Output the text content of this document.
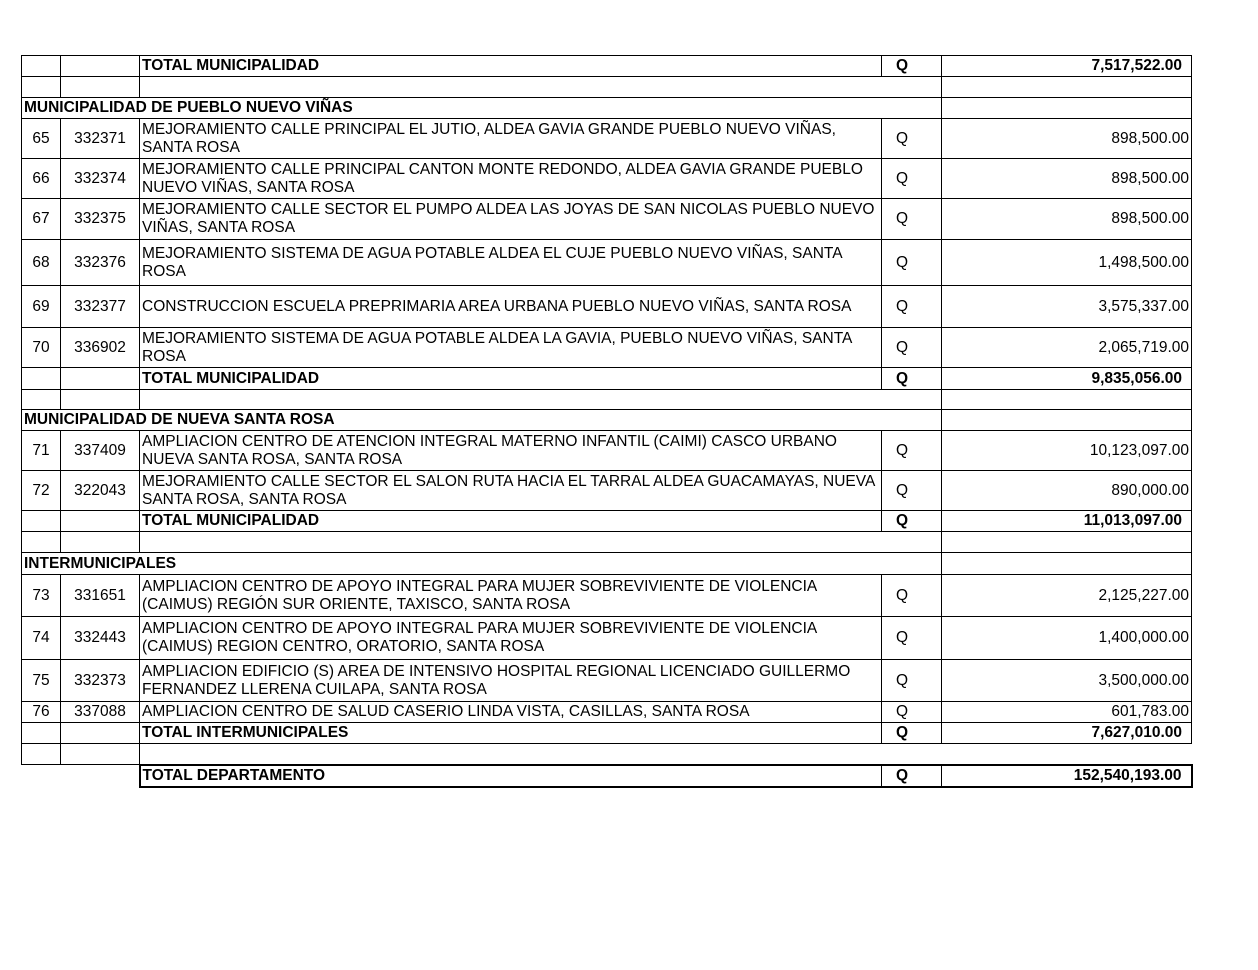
		TOTAL MUNICIPALIDAD	Q	7,517,522.00

MUNICIPALIDAD DE PUEBLO NUEVO VIÑAS				
65	332371	MEJORAMIENTO CALLE PRINCIPAL EL JUTIO, ALDEA GAVIA GRANDE PUEBLO NUEVO VIÑAS, SANTA ROSA	Q	898,500.00
66	332374	MEJORAMIENTO CALLE PRINCIPAL CANTON MONTE REDONDO, ALDEA GAVIA GRANDE PUEBLO NUEVO VIÑAS, SANTA ROSA	Q	898,500.00
67	332375	MEJORAMIENTO CALLE SECTOR EL PUMPO ALDEA LAS JOYAS DE SAN NICOLAS PUEBLO NUEVO VIÑAS, SANTA ROSA	Q	898,500.00
68	332376	MEJORAMIENTO SISTEMA DE AGUA POTABLE ALDEA EL CUJE PUEBLO NUEVO VIÑAS, SANTA ROSA	Q	1,498,500.00
69	332377	CONSTRUCCION ESCUELA PREPRIMARIA AREA URBANA PUEBLO NUEVO VIÑAS, SANTA ROSA	Q	3,575,337.00
70	336902	MEJORAMIENTO SISTEMA DE AGUA POTABLE ALDEA LA GAVIA, PUEBLO NUEVO VIÑAS, SANTA ROSA	Q	2,065,719.00
		TOTAL MUNICIPALIDAD	Q	9,835,056.00

MUNICIPALIDAD DE NUEVA SANTA ROSA				
71	337409	AMPLIACION CENTRO DE ATENCION INTEGRAL MATERNO INFANTIL (CAIMI) CASCO URBANO NUEVA SANTA ROSA, SANTA ROSA	Q	10,123,097.00
72	322043	MEJORAMIENTO CALLE SECTOR EL SALON RUTA HACIA EL TARRAL ALDEA GUACAMAYAS, NUEVA SANTA ROSA, SANTA ROSA	Q	890,000.00
		TOTAL MUNICIPALIDAD	Q	11,013,097.00

INTERMUNICIPALES				
73	331651	AMPLIACION CENTRO DE APOYO INTEGRAL PARA MUJER SOBREVIVIENTE DE VIOLENCIA (CAIMUS) REGIÓN SUR ORIENTE, TAXISCO, SANTA ROSA	Q	2,125,227.00
74	332443	AMPLIACION CENTRO DE APOYO INTEGRAL PARA MUJER SOBREVIVIENTE DE VIOLENCIA (CAIMUS) REGION CENTRO, ORATORIO, SANTA ROSA	Q	1,400,000.00
75	332373	AMPLIACION EDIFICIO (S) AREA DE INTENSIVO HOSPITAL REGIONAL LICENCIADO GUILLERMO FERNANDEZ LLERENA CUILAPA, SANTA ROSA	Q	3,500,000.00
76	337088	AMPLIACION CENTRO DE SALUD CASERIO LINDA VISTA, CASILLAS, SANTA ROSA	Q	601,783.00
		TOTAL INTERMUNICIPALES	Q	7,627,010.00

		TOTAL DEPARTAMENTO	Q	152,540,193.00
